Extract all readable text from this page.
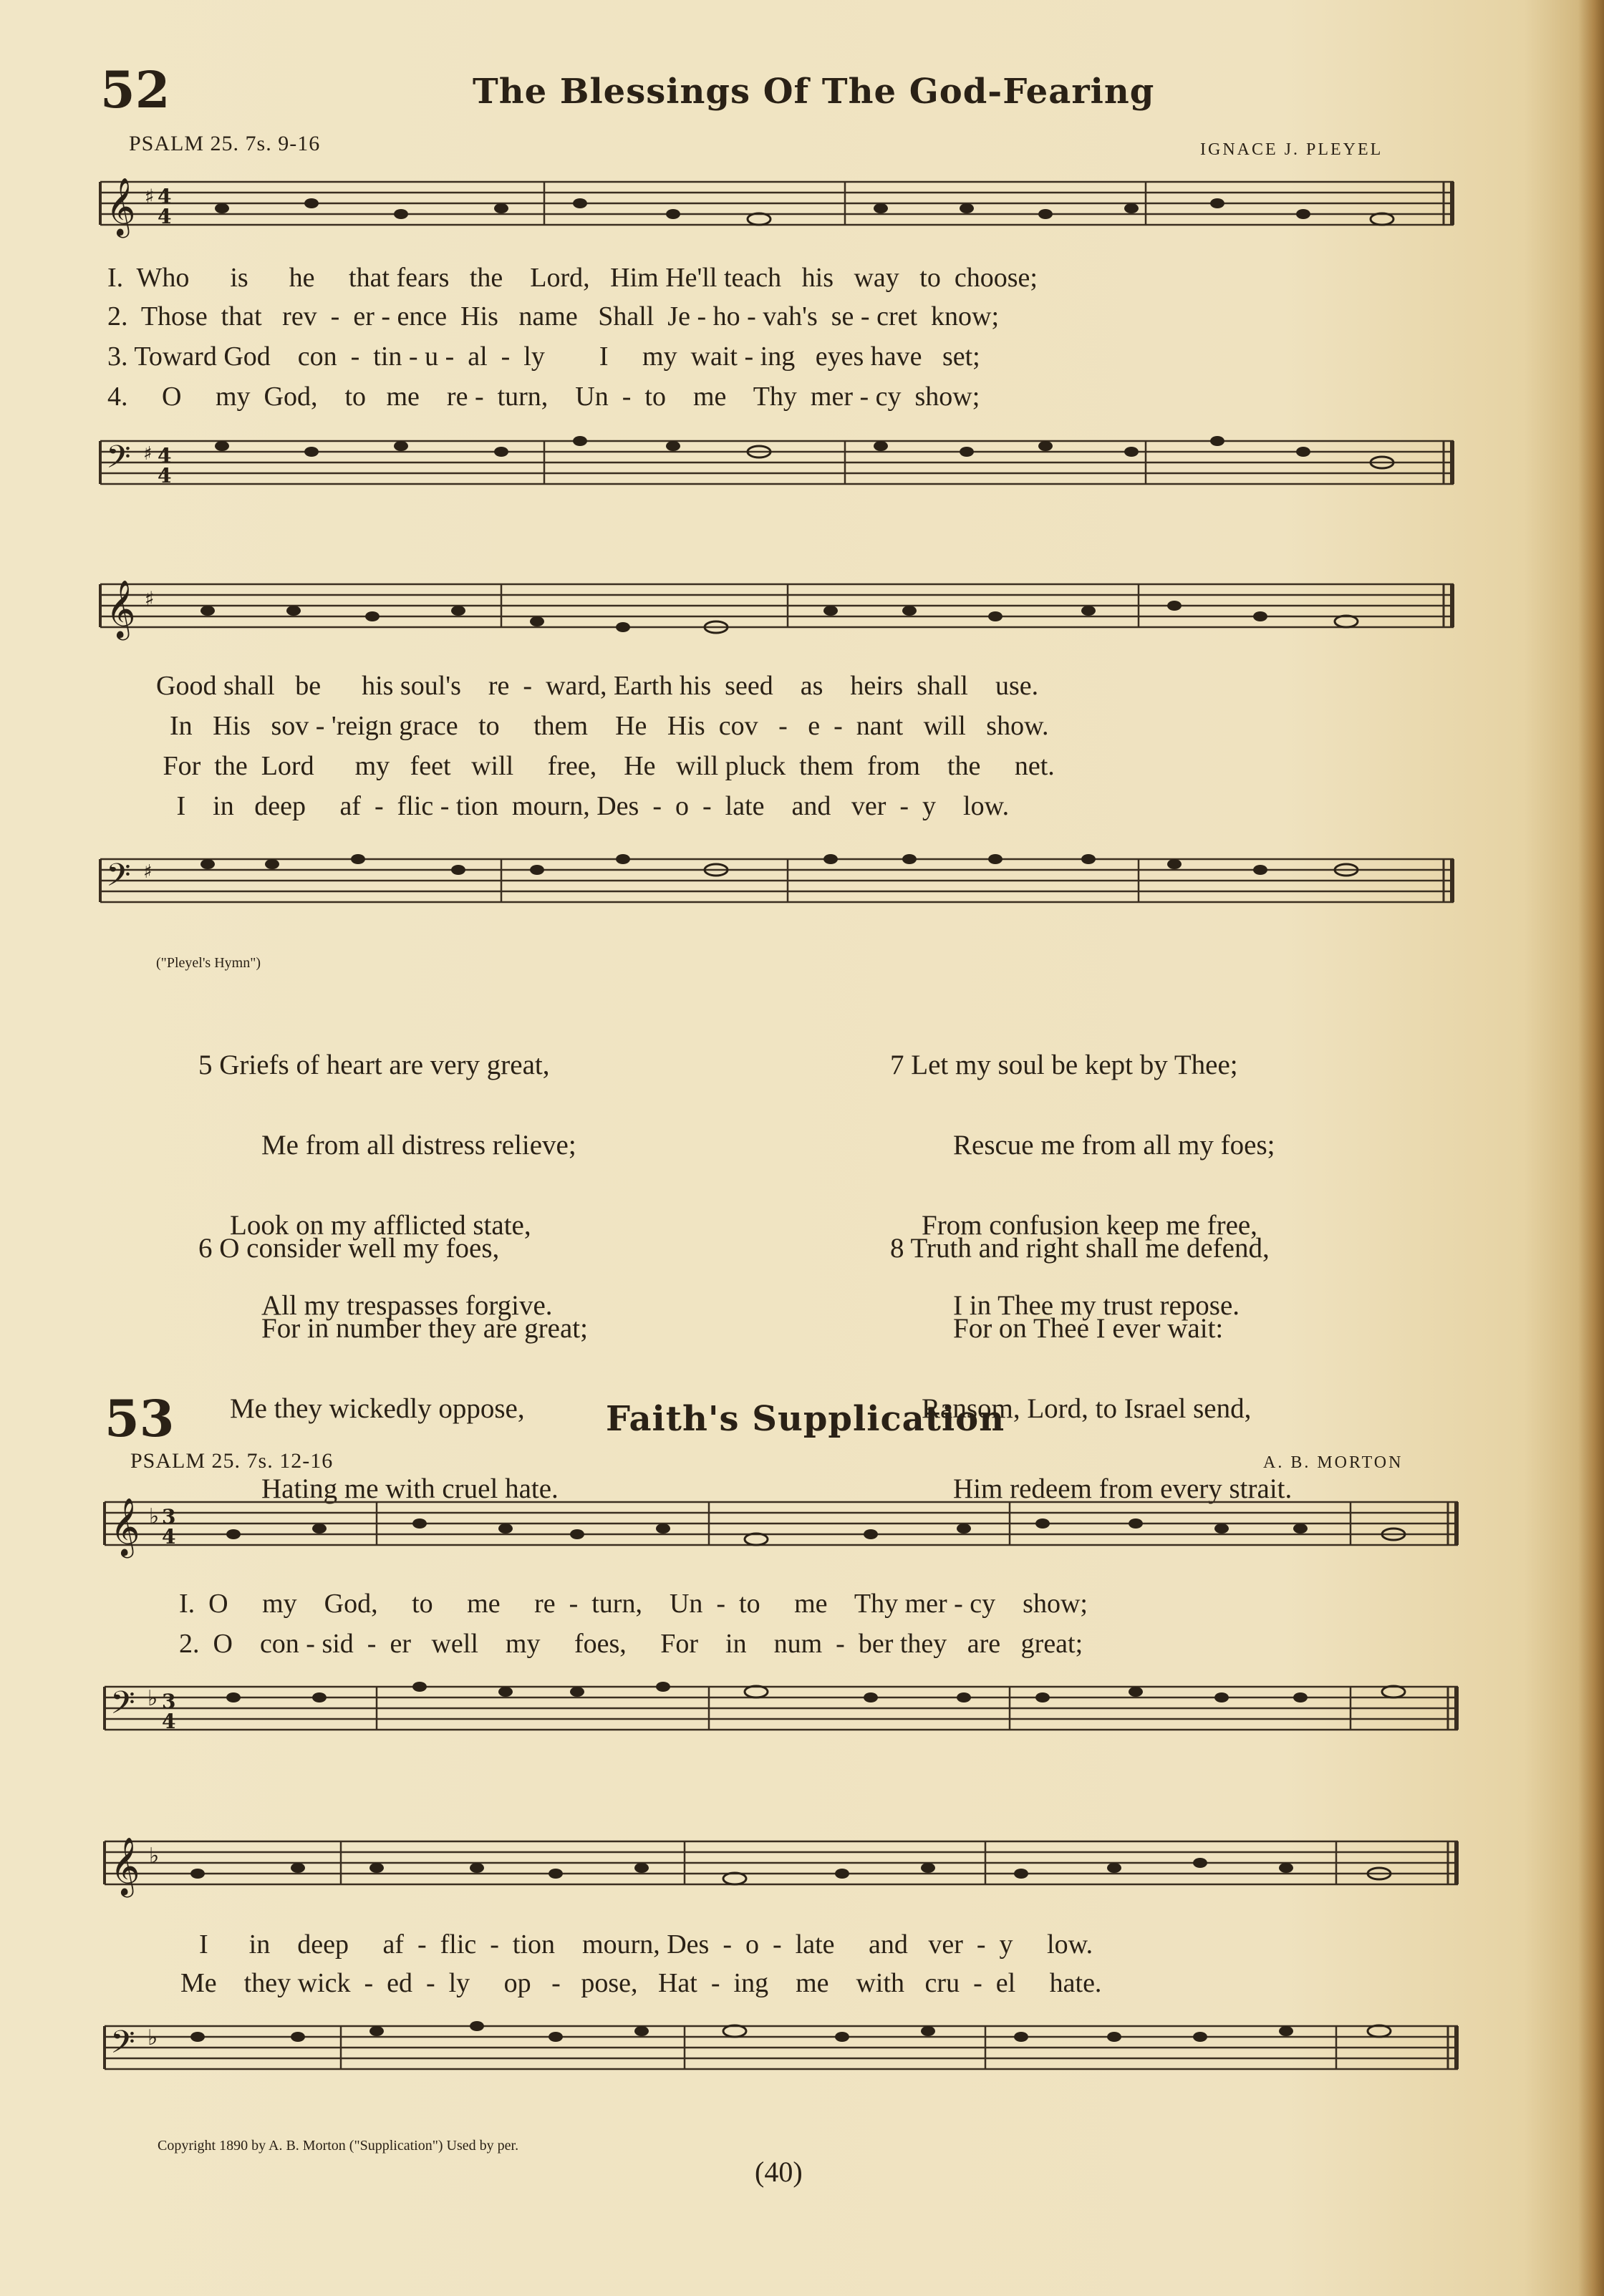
52	The Blessings Of The God-Fearing
PSALM 25. 7s. 9-16	IGNACE J. PLEYEL
𝄞 ♯ 4
4
I.  Who      is      he     that fears   the    Lord,   Him He'll teach   his   way   to  choose;
2.  Those  that   rev  -  er - ence  His   name   Shall  Je - ho - vah's  se - cret  know;
3. Toward God    con  -  tin - u -  al  -  ly        I     my  wait - ing   eyes have   set;
4.     O     my  God,    to   me    re -  turn,    Un  -  to    me    Thy  mer - cy  show;
𝄢 ♯ 4
4
𝄞 ♯
Good shall   be      his soul's    re  -  ward, Earth his  seed    as    heirs  shall    use.
In   His   sov - 'reign grace   to     them    He   His  cov   -   e  -  nant   will   show.
For  the  Lord      my   feet   will     free,    He   will pluck  them  from    the     net.
I    in   deep     af  -  flic - tion  mourn, Des  -  o  -  late    and   ver  -  y    low.
𝄢 ♯
("Pleyel's Hymn")

5 Griefs of heart are very great,

Me from all distress relieve;

Look on my afflicted state,

All my trespasses forgive.

6 O consider well my foes,

For in number they are great;

Me they wickedly oppose,

Hating me with cruel hate.

7 Let my soul be kept by Thee;

Rescue me from all my foes;

From confusion keep me free,

I in Thee my trust repose.

8 Truth and right shall me defend,

For on Thee I ever wait:

Ransom, Lord, to Israel send,

Him redeem from every strait.

53	Faith's Supplication
PSALM 25. 7s. 12-16	A. B. MORTON
𝄞 ♭ 3
4
I.  O     my    God,     to     me     re  -  turn,    Un  -  to     me    Thy mer - cy    show;
2.  O    con - sid  -  er   well    my     foes,     For    in    num  -  ber they   are   great;
𝄢 ♭ 3
4
𝄞 ♭
I      in    deep     af  -  flic  -  tion    mourn, Des  -  o  -  late     and   ver  -  y     low.
Me    they wick  -  ed  -  ly     op   -   pose,   Hat  -  ing    me    with   cru  -  el     hate.
𝄢 ♭
Copyright 1890 by A. B. Morton ("Supplication") Used by per.
(40)
